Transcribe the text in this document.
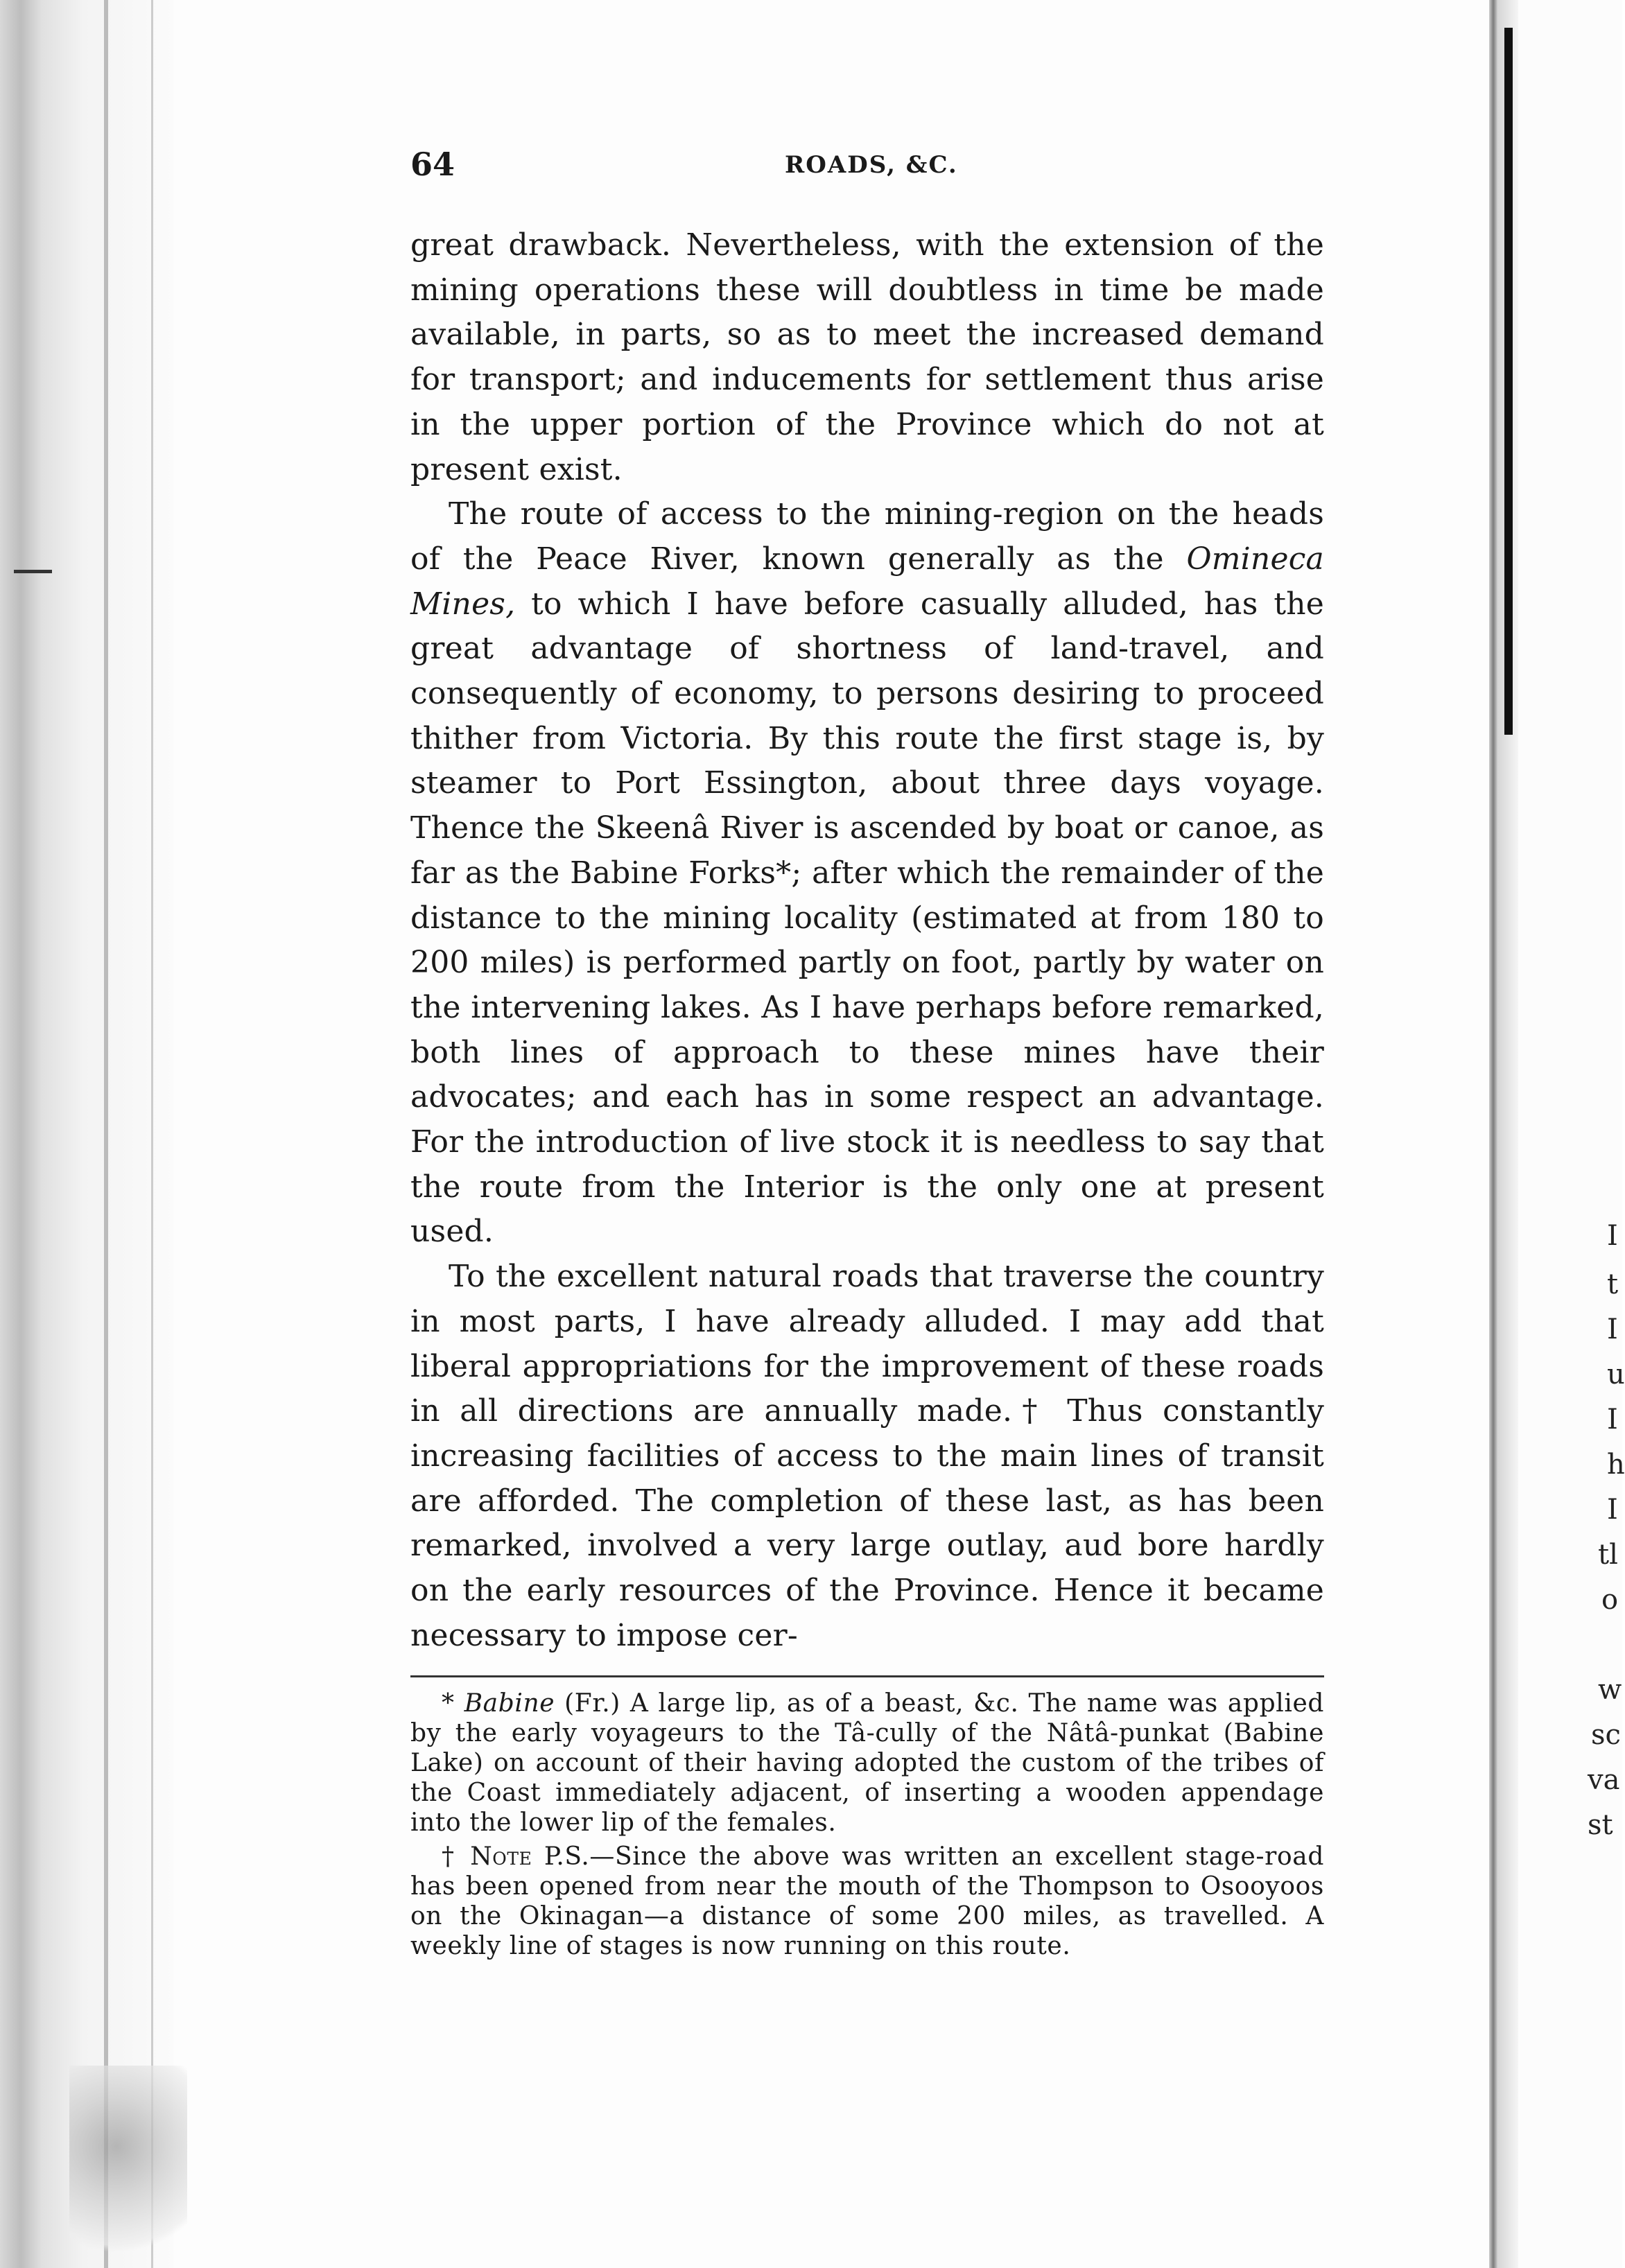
I
t
I
u
I
h
I
tl
o
w
sc
va
st
64	ROADS, &C.

great drawback. Nevertheless, with the extension of the mining operations these will doubtless in time be made available, in parts, so as to meet the increased demand for transport; and inducements for settlement thus arise in the upper portion of the Province which do not at present exist.

The route of access to the mining-region on the heads of the Peace River, known generally as the Omineca Mines, to which I have before casually alluded, has the great advantage of shortness of land-travel, and consequently of economy, to persons desiring to proceed thither from Victoria. By this route the first stage is, by steamer to Port Essington, about three days voyage. Thence the Skeenâ River is ascended by boat or canoe, as far as the Babine Forks*; after which the remainder of the distance to the mining locality (estimated at from 180 to 200 miles) is performed partly on foot, partly by water on the intervening lakes. As I have perhaps before remarked, both lines of approach to these mines have their advocates; and each has in some respect an advantage. For the introduction of live stock it is needless to say that the route from the Interior is the only one at present used.

To the excellent natural roads that traverse the country in most parts, I have already alluded. I may add that liberal appropriations for the improvement of these roads in all directions are annually made.† Thus constantly increasing facilities of access to the main lines of transit are afforded. The completion of these last, as has been remarked, involved a very large outlay, aud bore hardly on the early resources of the Province. Hence it became necessary to impose cer-

* Babine (Fr.) A large lip, as of a beast, &c. The name was applied by the early voyageurs to the Tâ-cully of the Nâtâ-punkat (Babine Lake) on account of their having adopted the custom of the tribes of the Coast immediately adjacent, of inserting a wooden appendage into the lower lip of the females.

† Note P.S.—Since the above was written an excellent stage-road has been opened from near the mouth of the Thompson to Osooyoos on the Okinagan—a distance of some 200 miles, as travelled. A weekly line of stages is now running on this route.
